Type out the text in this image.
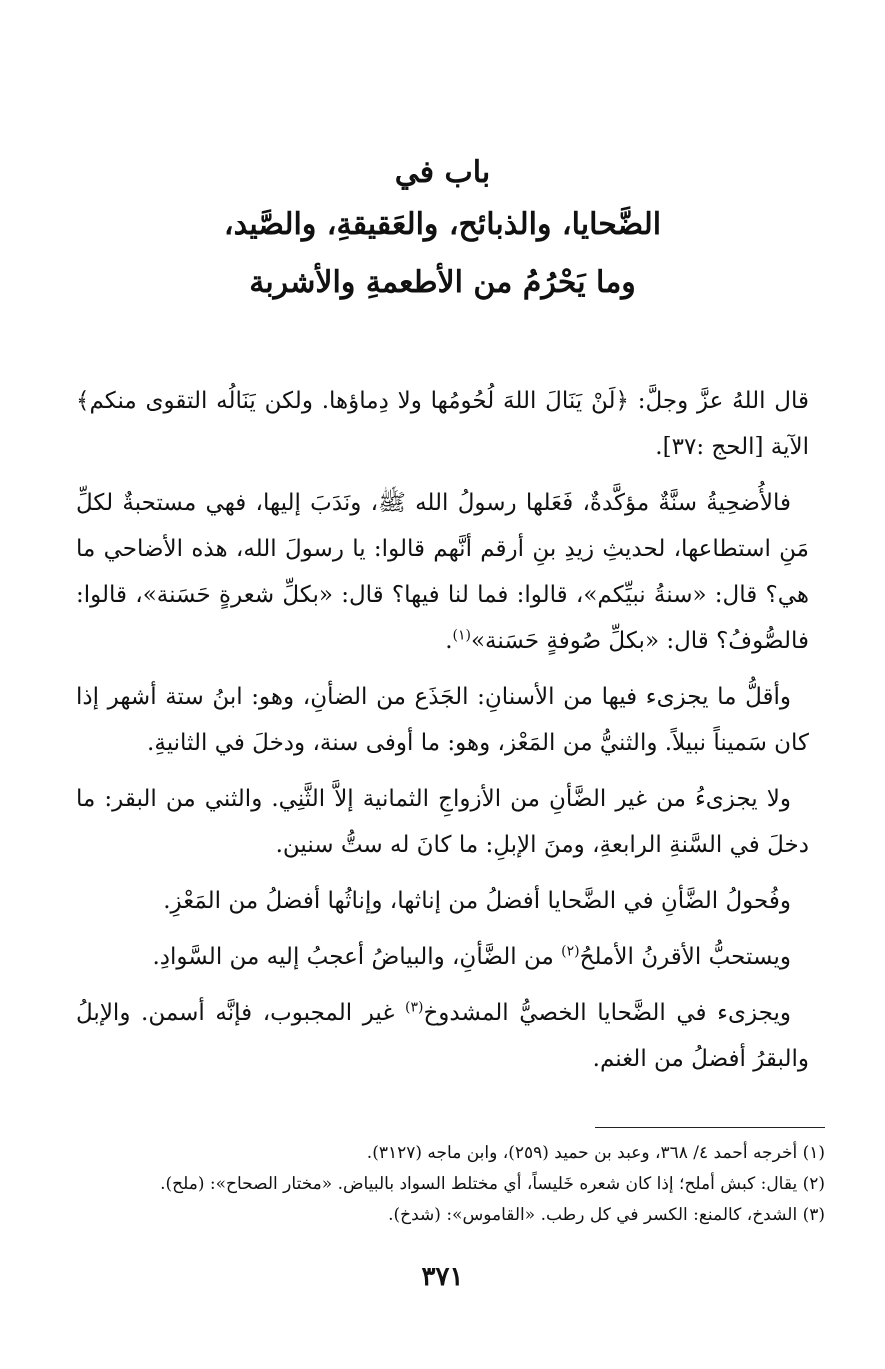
باب في
الضَّحايا، والذبائح، والعَقيقةِ، والصَّيد،
وما يَحْرُمُ من الأطعمةِ والأشربة

قال اللهُ عزَّ وجلَّ: ﴿لَنْ يَنَالَ اللهَ لُحُومُها ولا دِماؤها. ولكن يَنَالُه التقوى منكم﴾ الآية [الحج :٣٧].

فالأُضحِيةُ سنَّةٌ مؤكَّدةٌ، فَعَلها رسولُ الله ﷺ، ونَدَبَ إليها، فهي مستحبةٌ لكلِّ مَنِ استطاعها، لحديثِ زيدِ بنِ أرقم أنَّهم قالوا: يا رسولَ الله، هذه الأضاحي ما هي؟ قال: «سنةُ نبيِّكم»، قالوا: فما لنا فيها؟ قال: «بكلِّ شعرةٍ حَسَنة»، قالوا: فالصُّوفُ؟ قال: «بكلِّ صُوفةٍ حَسَنة»$^{(١)}$.

وأقلُّ ما يجزىء فيها من الأسنانِ: الجَذَع من الضأنِ، وهو: ابنُ ستة أشهر إذا كان سَميناً نبيلاً. والثنيُّ من المَعْز، وهو: ما أوفى سنة، ودخلَ في الثانيةِ.

ولا يجزىءُ من غير الضَّأنِ من الأزواجِ الثمانية إلاَّ الثَّنِي. والثني من البقر: ما دخلَ في السَّنةِ الرابعةِ، ومنَ الإبلِ: ما كانَ له ستُّ سنين.

وفُحولُ الضَّأنِ في الضَّحايا أفضلُ من إناثها، وإناثُها أفضلُ من المَعْزِ.

ويستحبُّ الأقرنُ الأملحُ$^{(٢)}$ من الضَّأنِ، والبياضُ أعجبُ إليه من السَّوادِ.

ويجزىء في الضَّحايا الخصيُّ المشدوخ$^{(٣)}$ غير المجبوب، فإنَّه أسمن. والإبلُ والبقرُ أفضلُ من الغنم.

(١) أخرجه أحمد ٤/ ٣٦٨، وعبد بن حميد (٢٥٩)، وابن ماجه (٣١٢٧).
(٢) يقال: كبش أملح؛ إذا كان شعره خَليساً، أي مختلط السواد بالبياض. «مختار الصحاح»: (ملح).
(٣) الشدخ، كالمنع: الكسر في كل رطب. «القاموس»: (شدخ).
٣٧١
